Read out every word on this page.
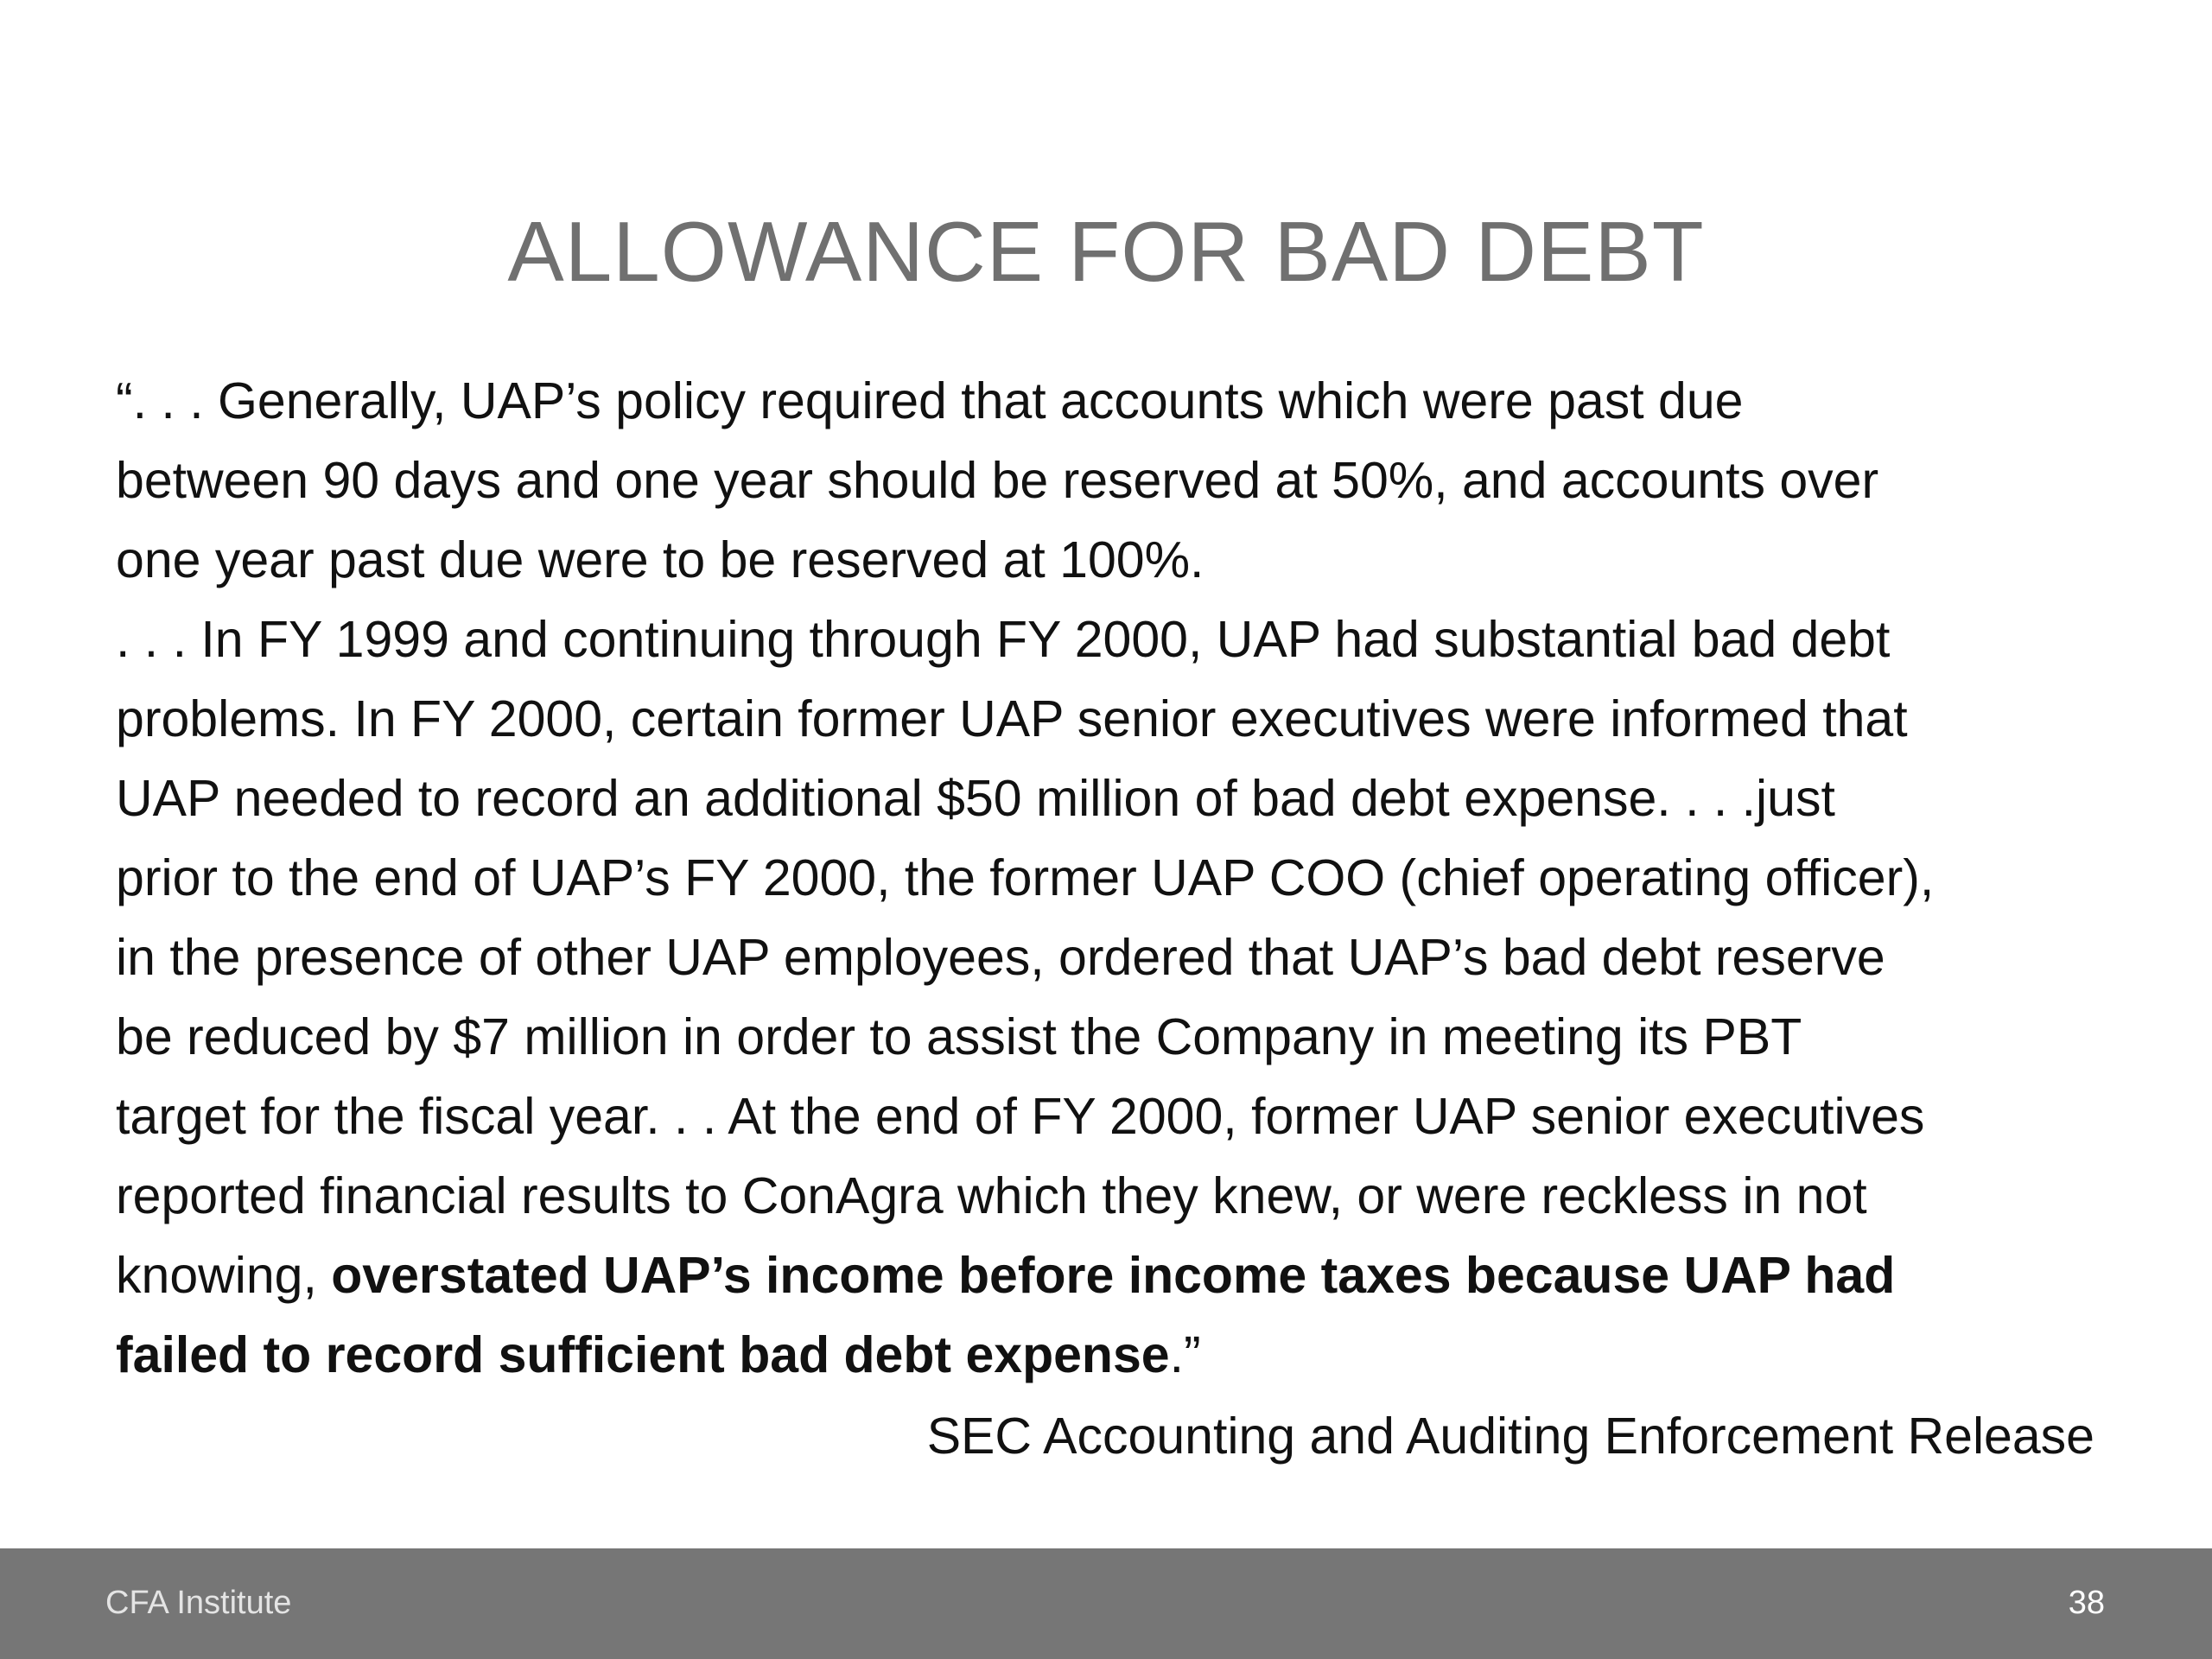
ALLOWANCE FOR BAD DEBT
“. . . Generally, UAP’s policy required that accounts which were past due
between 90 days and one year should be reserved at 50%, and accounts over
one year past due were to be reserved at 100%.
. . . In FY 1999 and continuing through FY 2000, UAP had substantial bad debt
problems. In FY 2000, certain former UAP senior executives were informed that
UAP needed to record an additional $50 million of bad debt expense. . . .just
prior to the end of UAP’s FY 2000, the former UAP COO (chief operating officer),
in the presence of other UAP employees, ordered that UAP’s bad debt reserve
be reduced by $7 million in order to assist the Company in meeting its PBT
target for the fiscal year. . . At the end of FY 2000, former UAP senior executives
reported financial results to ConAgra which they knew, or were reckless in not
knowing, overstated UAP’s income before income taxes because UAP had
failed to record sufficient bad debt expense.”
SEC Accounting and Auditing Enforcement Release
CFA Institute	38
